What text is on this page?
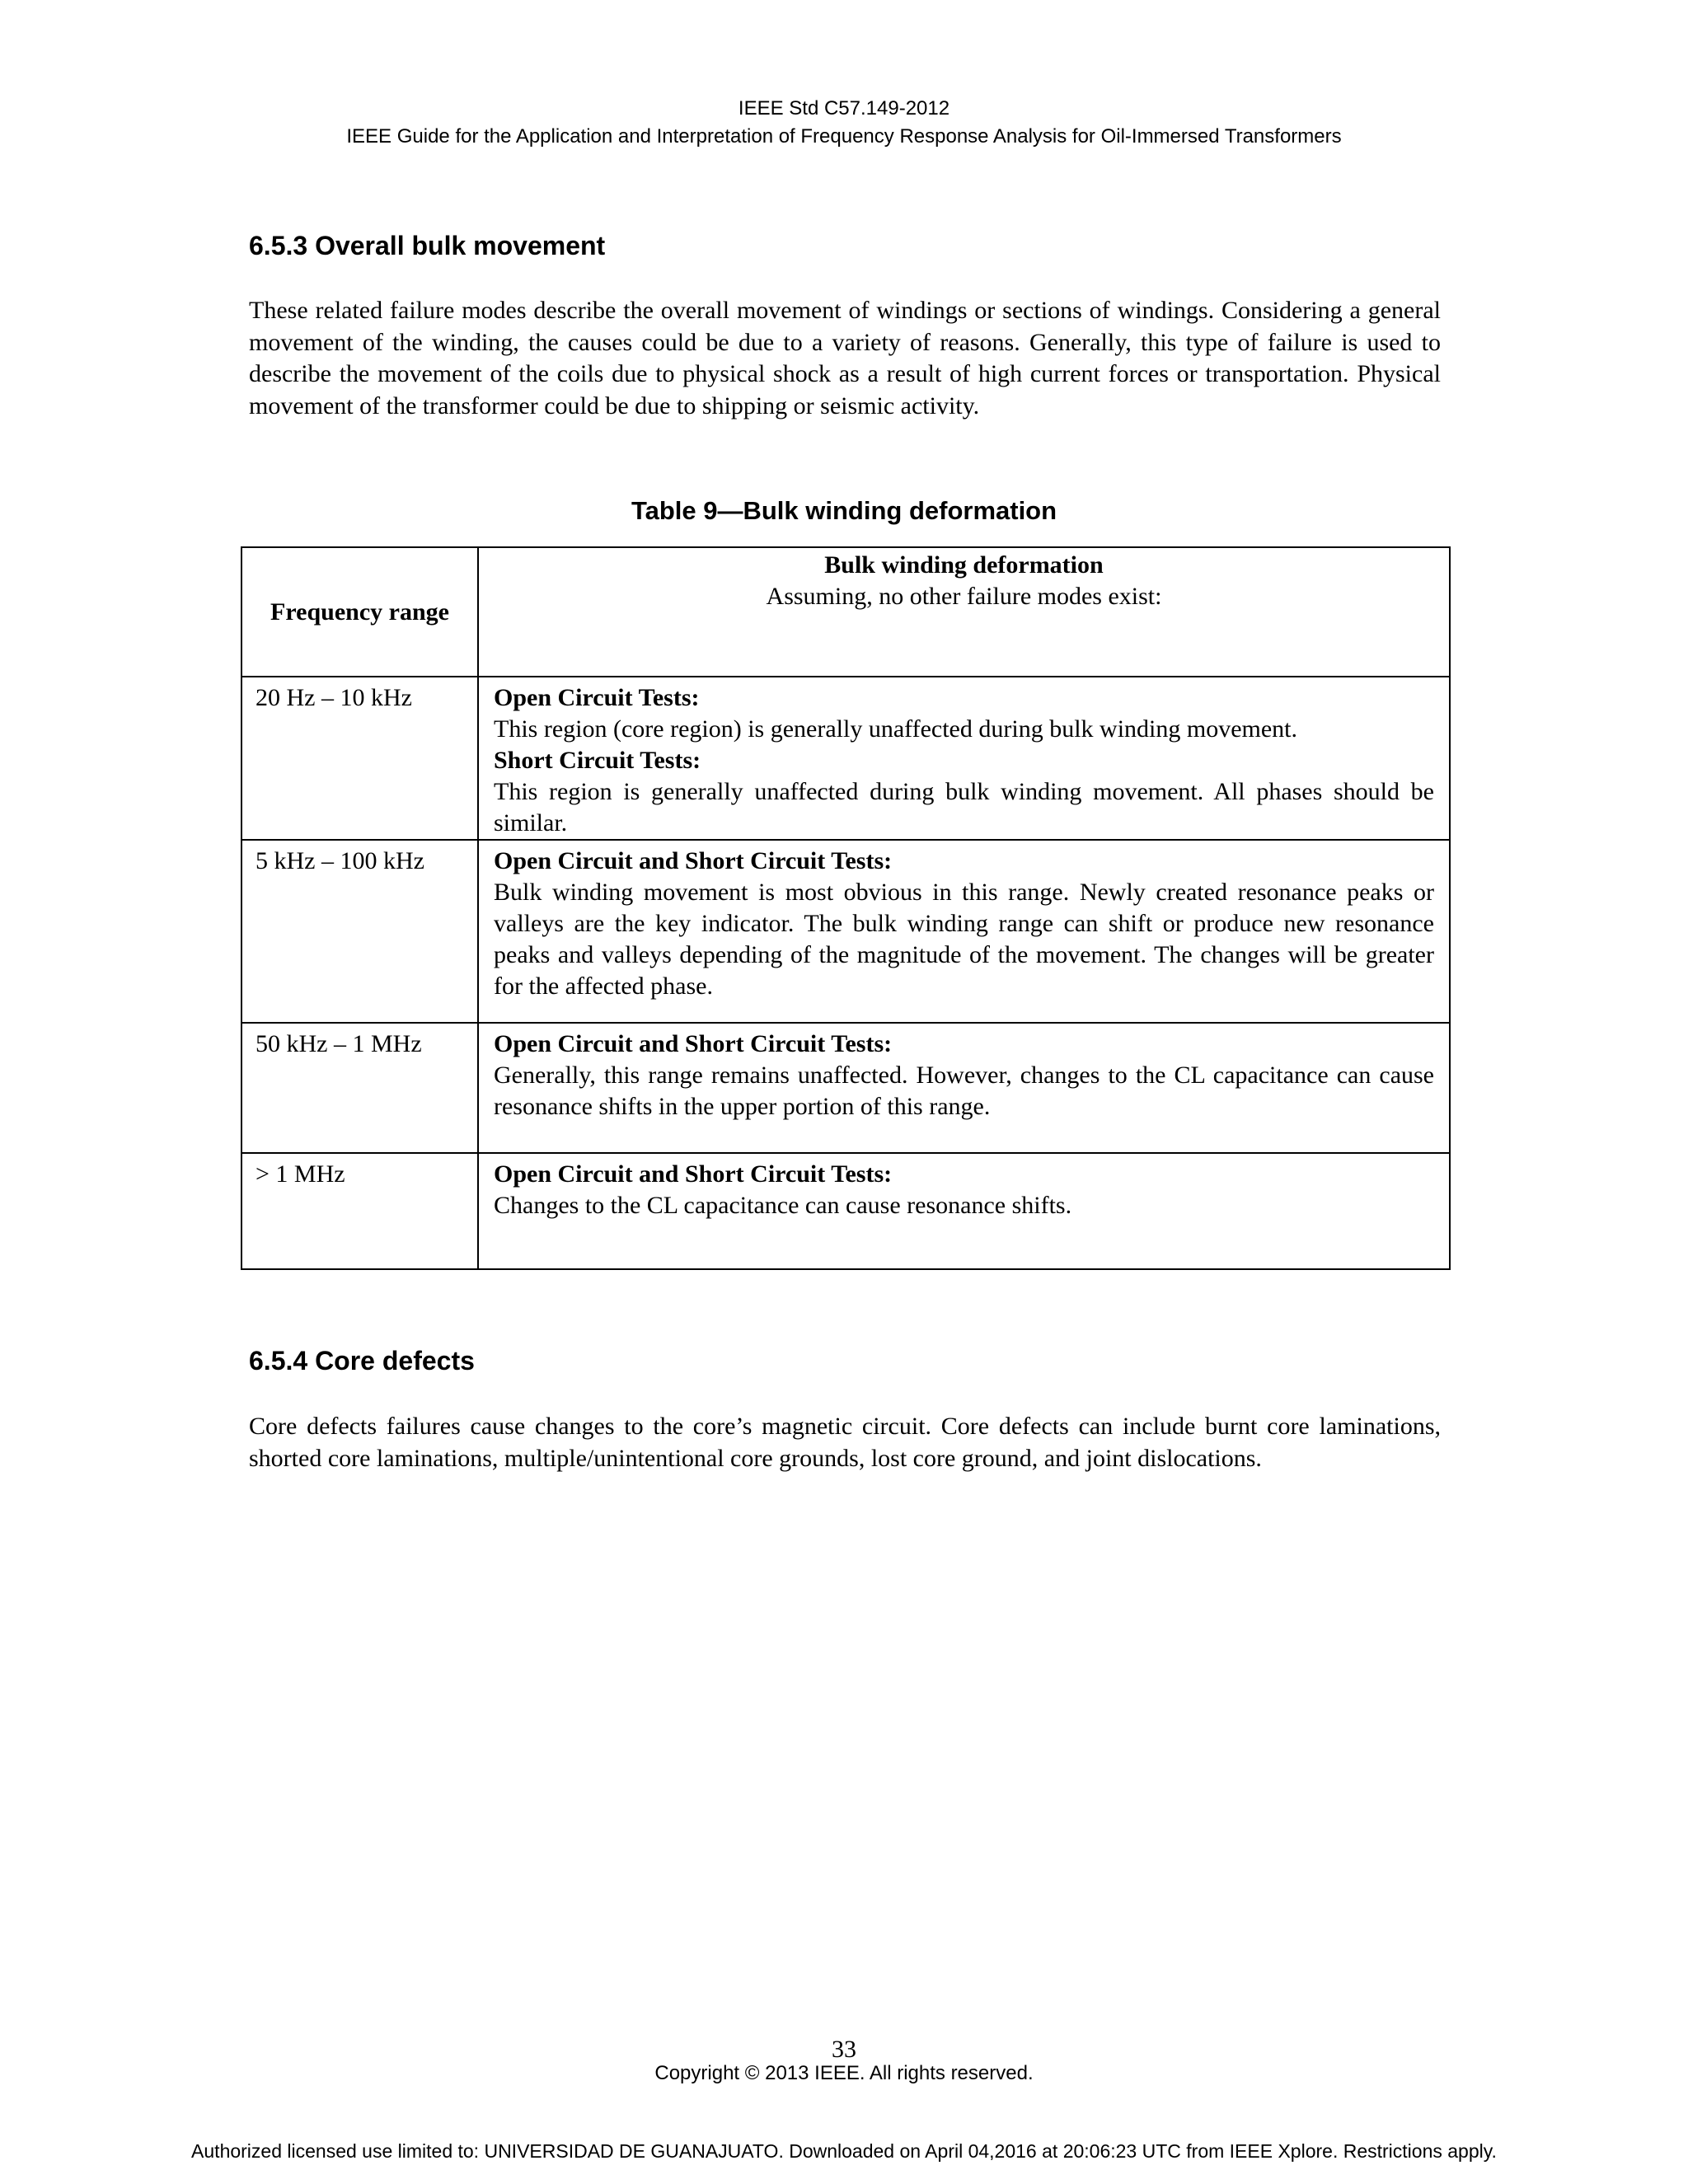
IEEE Std C57.149-2012
IEEE Guide for the Application and Interpretation of Frequency Response Analysis for Oil-Immersed Transformers
6.5.3 Overall bulk movement
These related failure modes describe the overall movement of windings or sections of windings. Considering a general movement of the winding, the causes could be due to a variety of reasons. Generally, this type of failure is used to describe the movement of the coils due to physical shock as a result of high current forces or transportation. Physical movement of the transformer could be due to shipping or seismic activity.
Table 9—Bulk winding deformation
Frequency range	Bulk winding deformation
Assuming, no other failure modes exist:

20 Hz – 10 kHz	Open Circuit Tests:
This region (core region) is generally unaffected during bulk winding movement.
Short Circuit Tests:
This region is generally unaffected during bulk winding movement. All phases should be similar.

5 kHz – 100 kHz	Open Circuit and Short Circuit Tests:
Bulk winding movement is most obvious in this range. Newly created resonance peaks or valleys are the key indicator. The bulk winding range can shift or produce new resonance peaks and valleys depending of the magnitude of the movement. The changes will be greater for the affected phase.

50 kHz – 1 MHz	Open Circuit and Short Circuit Tests:
Generally, this range remains unaffected. However, changes to the CL capacitance can cause resonance shifts in the upper portion of this range.

> 1 MHz	Open Circuit and Short Circuit Tests:
Changes to the CL capacitance can cause resonance shifts.
6.5.4 Core defects
Core defects failures cause changes to the core’s magnetic circuit. Core defects can include burnt core laminations, shorted core laminations, multiple/unintentional core grounds, lost core ground, and joint dislocations.
33
Copyright © 2013 IEEE. All rights reserved.
Authorized licensed use limited to: UNIVERSIDAD DE GUANAJUATO. Downloaded on April 04,2016 at 20:06:23 UTC from IEEE Xplore. Restrictions apply.
